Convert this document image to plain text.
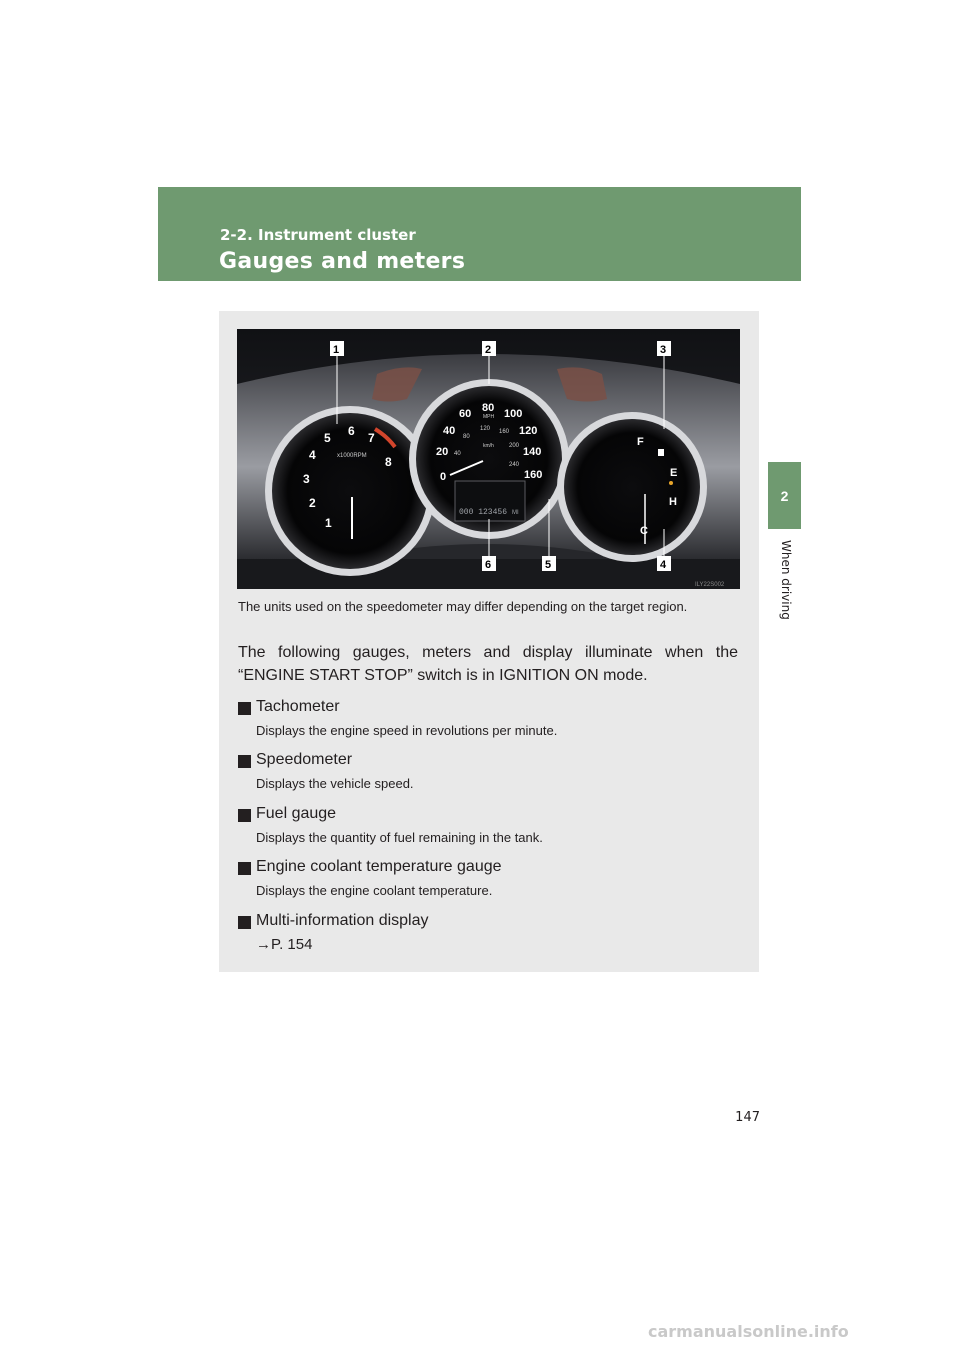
2-2. Instrument cluster
Gauges and meters
2
When driving
1
2
3
4
5 6 7
8
x1000RPM
0
20
40
60 80 100
120
140
160
40
80
120 160
200
240
MPH
km/h
000 123456 MI
F
E
H
C
1	2	3
4
5
6
ILY22S002
The units used on the speedometer may differ depending on the target region.
The following gauges, meters and display illuminate when the “ENGINE START STOP” switch is in IGNITION ON mode.
Tachometer
Displays the engine speed in revolutions per minute.
Speedometer
Displays the vehicle speed.
Fuel gauge
Displays the quantity of fuel remaining in the tank.
Engine coolant temperature gauge
Displays the engine coolant temperature.
Multi-information display
→P. 154
147
carmanualsonline.info
